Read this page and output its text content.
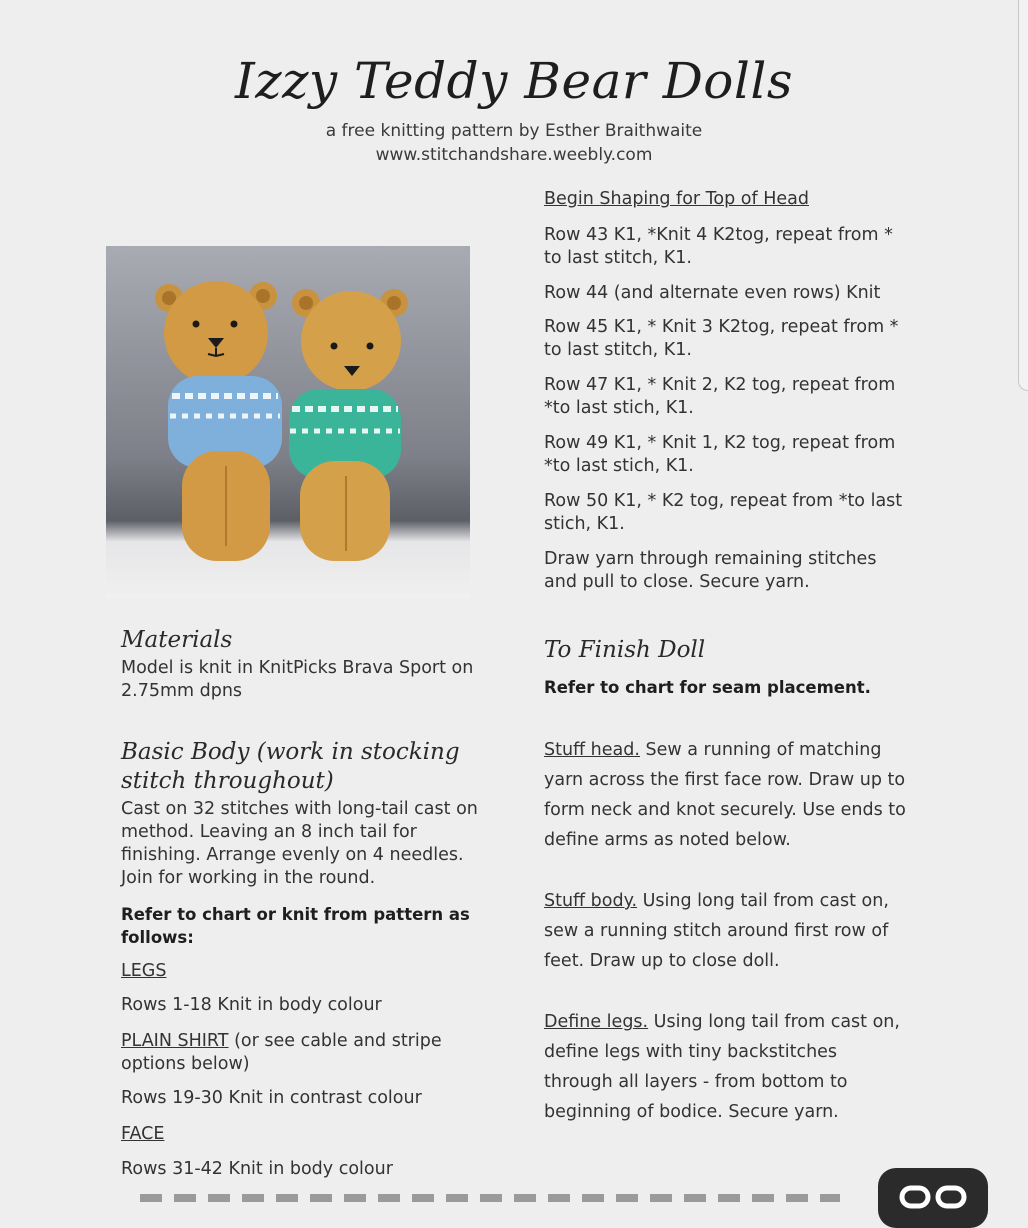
Izzy Teddy Bear Dolls
a free knitting pattern by Esther Braithwaite
www.stitchandshare.weebly.com
Materials
Model is knit in KnitPicks Brava Sport on 2.75mm dpns
Basic Body (work in stocking stitch throughout)
Cast on 32 stitches with long-tail cast on method. Leaving an 8 inch tail for finishing. Arrange evenly on 4 needles. Join for working in the round.
Refer to chart or knit from pattern as follows:
LEGS
Rows 1-18 Knit in body colour
PLAIN SHIRT (or see cable and stripe options below)
Rows 19-30 Knit in contrast colour
FACE
Rows 31-42 Knit in body colour
Begin Shaping for Top of Head
Row 43 K1, *Knit 4 K2tog, repeat from * to last stitch, K1.
Row 44 (and alternate even rows) Knit
Row 45 K1, * Knit 3 K2tog, repeat from * to last stitch, K1.
Row 47 K1, * Knit 2, K2 tog, repeat from *to last stich, K1.
Row 49 K1, * Knit 1, K2 tog, repeat from *to last stich, K1.
Row 50 K1, * K2 tog, repeat from *to last stich, K1.
Draw yarn through remaining stitches and pull to close. Secure yarn.
To Finish Doll
Refer to chart for seam placement.
Stuff head. Sew a running of matching yarn across the first face row. Draw up to form neck and knot securely. Use ends to define arms as noted below.
Stuff body. Using long tail from cast on, sew a running stitch around first row of feet. Draw up to close doll.
Define legs. Using long tail from cast on, define legs with tiny backstitches through all layers - from bottom to beginning of bodice. Secure yarn.
